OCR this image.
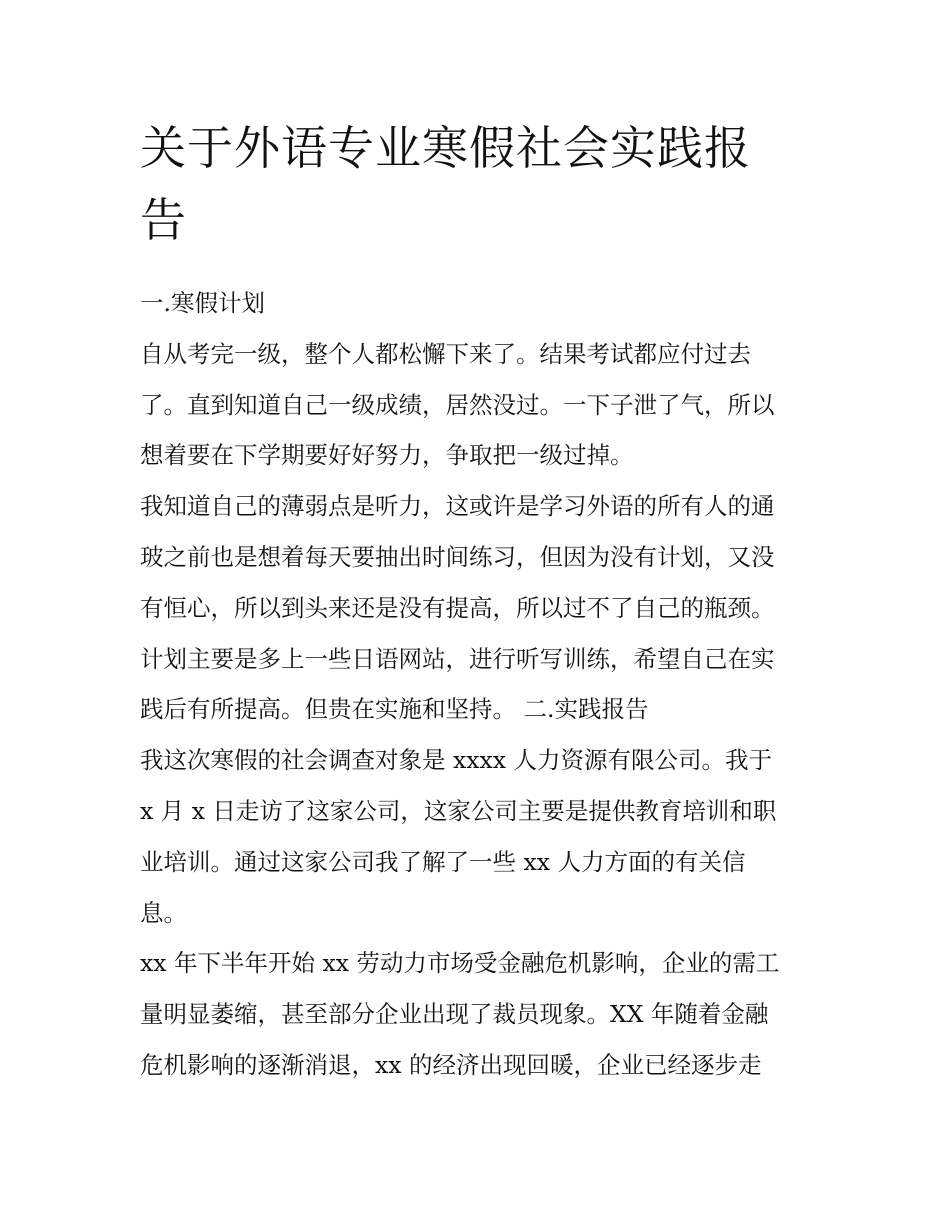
关于外语专业寒假社会实践报
告
一.寒假计划
自从考完一级，整个人都松懈下来了。结果考试都应付过去
了。直到知道自己一级成绩，居然没过。一下子泄了气，所以
想着要在下学期要好好努力，争取把一级过掉。
我知道自己的薄弱点是听力，这或许是学习外语的所有人的通
玻之前也是想着每天要抽出时间练习，但因为没有计划，又没
有恒心，所以到头来还是没有提高，所以过不了自己的瓶颈。
计划主要是多上一些日语网站，进行听写训练，希望自己在实
践后有所提高。但贵在实施和坚持。 二.实践报告
我这次寒假的社会调查对象是 xxxx 人力资源有限公司。我于
x 月 x 日走访了这家公司，这家公司主要是提供教育培训和职
业培训。通过这家公司我了解了一些 xx 人力方面的有关信
息。
xx 年下半年开始 xx 劳动力市场受金融危机影响，企业的需工
量明显萎缩，甚至部分企业出现了裁员现象。XX 年随着金融
危机影响的逐渐消退，xx 的经济出现回暖，企业已经逐步走
